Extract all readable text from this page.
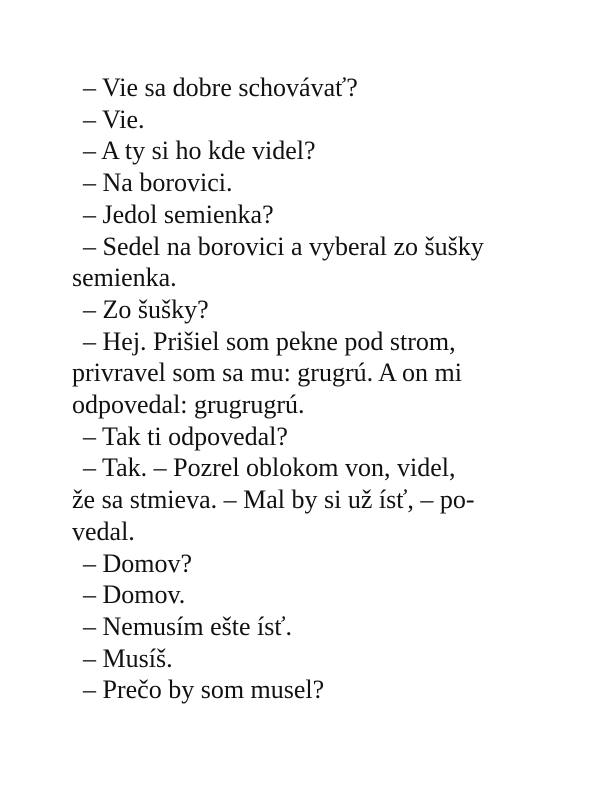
– Vie sa dobre schovávať?
– Vie.
– A ty si ho kde videl?
– Na borovici.
– Jedol semienka?
– Sedel na borovici a vyberal zo šušky
semienka.
– Zo šušky?
– Hej. Prišiel som pekne pod strom,
privravel som sa mu: grugrú. A on mi
odpovedal: grugrugrú.
– Tak ti odpovedal?
– Tak. – Pozrel oblokom von, videl,
že sa stmieva. – Mal by si už ísť, – po-
vedal.
– Domov?
– Domov.
– Nemusím ešte ísť.
– Musíš.
– Prečo by som musel?
